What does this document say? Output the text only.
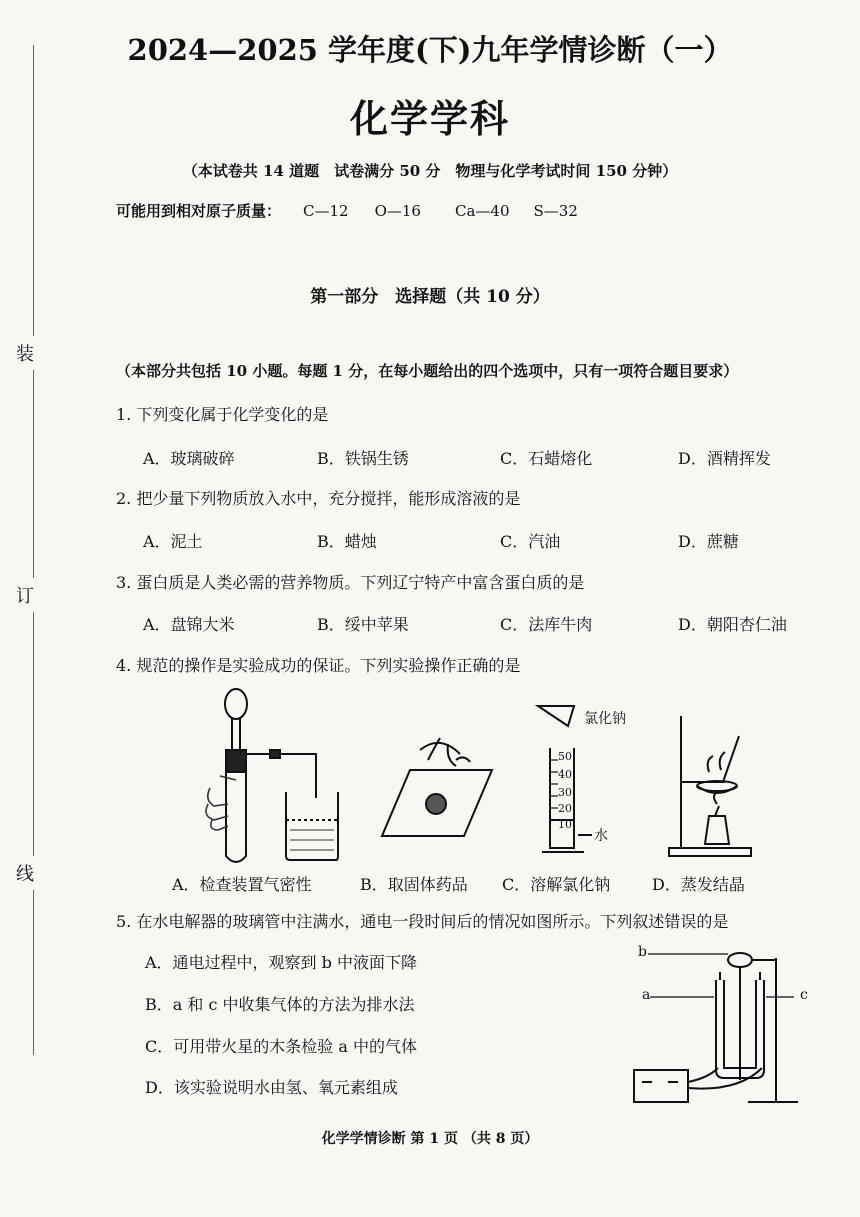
装
订
线
2024—2025 学年度(下)九年学情诊断（一）
化学学科
（本试卷共 14 道题　试卷满分 50 分　物理与化学考试时间 150 分钟）
可能用到相对原子质量： C—12 O—16 Ca—40 S—32
第一部分　选择题（共 10 分）
（本部分共包括 10 小题。每题 1 分，在每小题给出的四个选项中，只有一项符合题目要求）
1. 下列变化属于化学变化的是
A．玻璃破碎	B．铁锅生锈	C．石蜡熔化	D．酒精挥发
2. 把少量下列物质放入水中，充分搅拌，能形成溶液的是
A．泥土	B．蜡烛	C．汽油	D．蔗糖
3. 蛋白质是人类必需的营养物质。下列辽宁特产中富含蛋白质的是
A．盘锦大米	B．绥中苹果	C．法库牛肉	D．朝阳杏仁油
4. 规范的操作是实验成功的保证。下列实验操作正确的是
氯化钠
水
50
40
30
20
10
A．检查装置气密性	B．取固体药品 C．溶解氯化钠	D．蒸发结晶
5. 在水电解器的玻璃管中注满水，通电一段时间后的情况如图所示。下列叙述错误的是
A．通电过程中，观察到 b 中液面下降
B．a 和 c 中收集气体的方法为排水法
C．可用带火星的木条检验 a 中的气体
D．该实验说明水由氢、氧元素组成
a
b
c
化学学情诊断 第 1 页 （共 8 页）
